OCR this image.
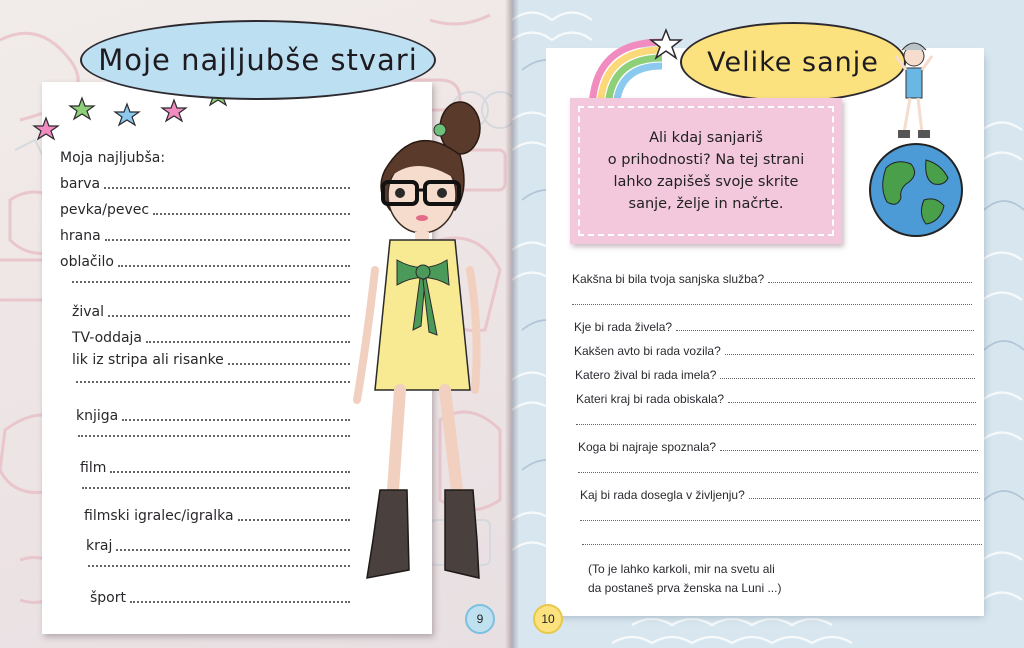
Moje najljubše stvari
Moja najljubša:
barva
pevka/pevec
hrana
oblačilo
žival
TV-oddaja
lik iz stripa ali risanke
knjiga
film
filmski igralec/igralka
kraj
šport
9
Velike sanje
Ali kdaj sanjariš
o prihodnosti? Na tej strani
lahko zapišeš svoje skrite
sanje, želje in načrte.
Kakšna bi bila tvoja sanjska služba?
Kje bi rada živela?
Kakšen avto bi rada vozila?
Katero žival bi rada imela?
Kateri kraj bi rada obiskala?
Koga bi najraje spoznala?
Kaj bi rada dosegla v življenju?
(To je lahko karkoli, mir na svetu ali
da postaneš prva ženska na Luni ...)
10
